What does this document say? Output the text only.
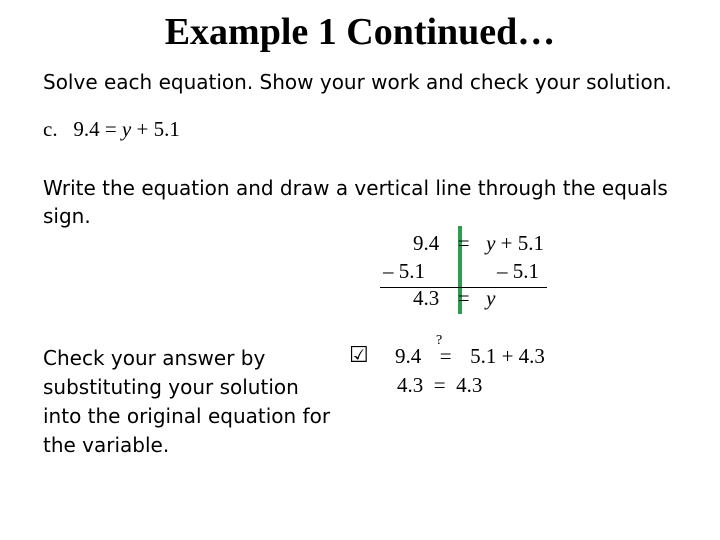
Example 1 Continued…
Solve each equation. Show your work and check your solution.
c. 9.4 = y + 5.1
Write the equation and draw a vertical line through the equals sign.
9.4 = y + 5.1
– 5.1	– 5.1
4.3 = y
Check your answer by substituting your solution into the original equation for the variable.
☑
?
9.4 = 5.1 + 4.3
4.3  =  4.3
